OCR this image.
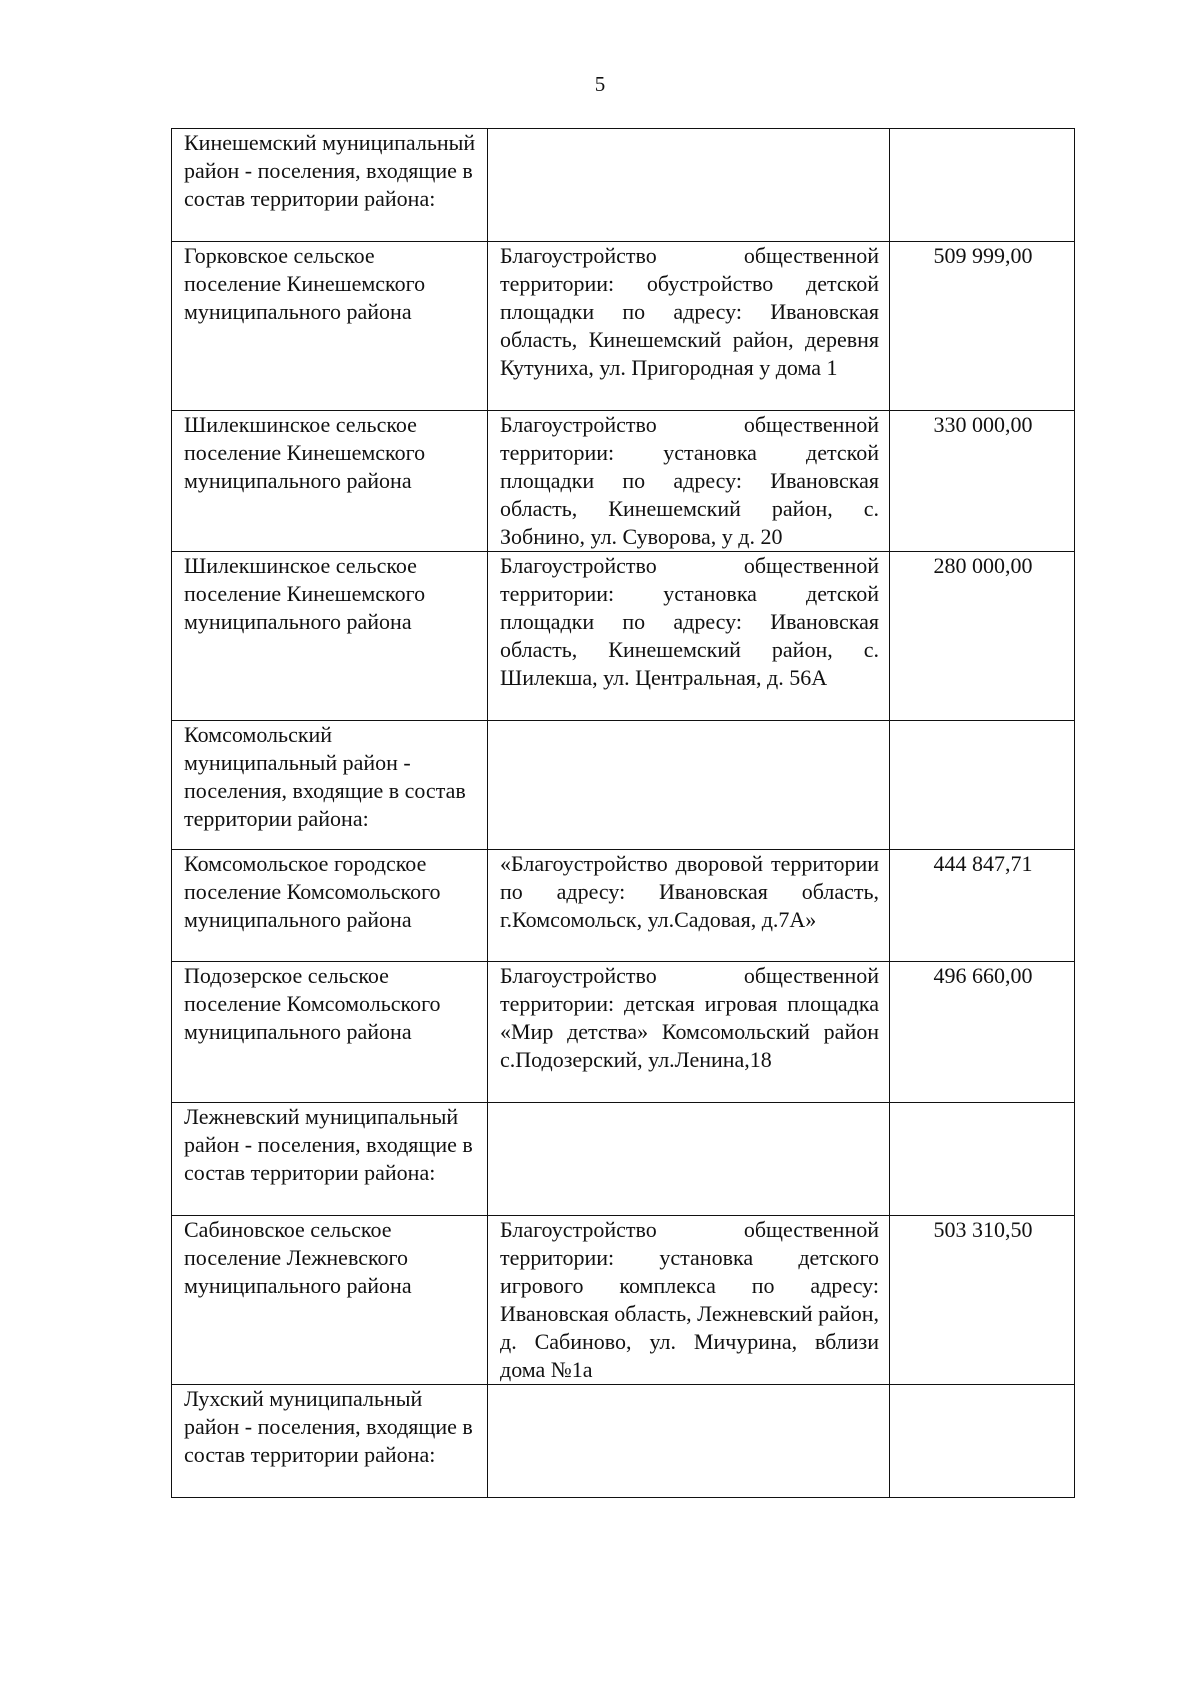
5
Кинешемский муниципальный район - поселения, входящие в состав территории района:		
Горковское сельское поселение Кинешемского муниципального района	Благоустройство общественной территории: обустройство детской площадки по адресу: Ивановская область, Кинешемский район, деревня Кутуниха, ул. Пригородная у дома 1	509 999,00
Шилекшинское сельское поселение Кинешемского муниципального района	Благоустройство общественной территории: установка детской площадки по адресу: Ивановская область, Кинешемский район, с. Зобнино, ул. Суворова, у д. 20	330 000,00
Шилекшинское сельское поселение Кинешемского муниципального района	Благоустройство общественной территории: установка детской площадки по адресу: Ивановская область, Кинешемский район, с. Шилекша, ул. Центральная, д. 56А	280 000,00
Комсомольский муниципальный район - поселения, входящие в состав территории района:		
Комсомольское городское поселение Комсомольского муниципального района	«Благоустройство дворовой территории по адресу: Ивановская область, г.Комсомольск, ул.Садовая, д.7А»	444 847,71
Подозерское сельское поселение Комсомольского муниципального района	Благоустройство общественной территории: детская игровая площадка «Мир детства» Комсомольский район с.Подозерский, ул.Ленина,18	496 660,00
Лежневский муниципальный район - поселения, входящие в состав территории района:		
Сабиновское сельское поселение Лежневского муниципального района	Благоустройство общественной территории: установка детского игрового комплекса по адресу: Ивановская область, Лежневский район, д. Сабиново, ул. Мичурина, вблизи дома №1а	503 310,50
Лухский муниципальный район - поселения, входящие в состав территории района:		
